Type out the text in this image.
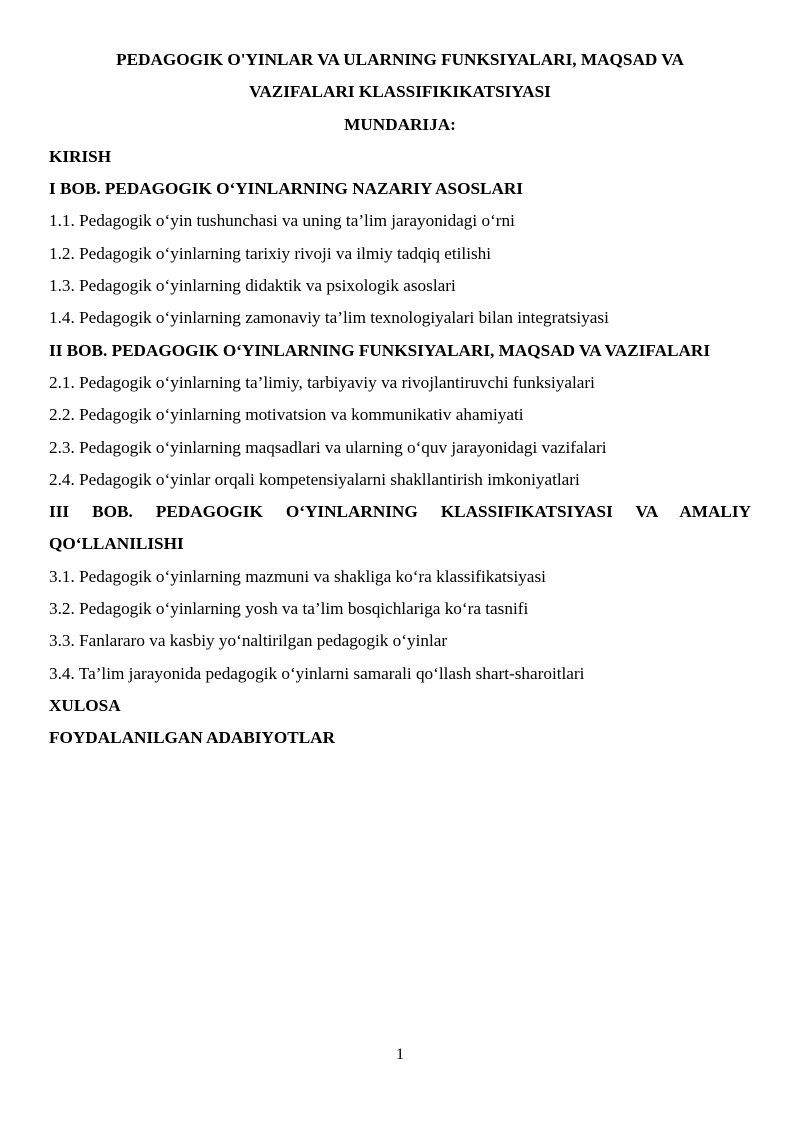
PEDAGOGIK O'YINLAR VA ULARNING FUNKSIYALARI, MAQSAD VA

VAZIFALARI KLASSIFIKIKATSIYASI

MUNDARIJA:

KIRISH

I BOB. PEDAGOGIK O‘YINLARNING NAZARIY ASOSLARI

1.1. Pedagogik o‘yin tushunchasi va uning ta’lim jarayonidagi o‘rni

1.2. Pedagogik o‘yinlarning tarixiy rivoji va ilmiy tadqiq etilishi

1.3. Pedagogik o‘yinlarning didaktik va psixologik asoslari

1.4. Pedagogik o‘yinlarning zamonaviy ta’lim texnologiyalari bilan integratsiyasi

II BOB. PEDAGOGIK O‘YINLARNING FUNKSIYALARI, MAQSAD VA VAZIFALARI

2.1. Pedagogik o‘yinlarning ta’limiy, tarbiyaviy va rivojlantiruvchi funksiyalari

2.2. Pedagogik o‘yinlarning motivatsion va kommunikativ ahamiyati

2.3. Pedagogik o‘yinlarning maqsadlari va ularning o‘quv jarayonidagi vazifalari

2.4. Pedagogik o‘yinlar orqali kompetensiyalarni shakllantirish imkoniyatlari

III BOB. PEDAGOGIK O‘YINLARNING KLASSIFIKATSIYASI VA AMALIY QO‘LLANILISHI

3.1. Pedagogik o‘yinlarning mazmuni va shakliga ko‘ra klassifikatsiyasi

3.2. Pedagogik o‘yinlarning yosh va ta’lim bosqichlariga ko‘ra tasnifi

3.3. Fanlararo va kasbiy yo‘naltirilgan pedagogik o‘yinlar

3.4. Ta’lim jarayonida pedagogik o‘yinlarni samarali qo‘llash shart-sharoitlari

XULOSA

FOYDALANILGAN ADABIYOTLAR

1
